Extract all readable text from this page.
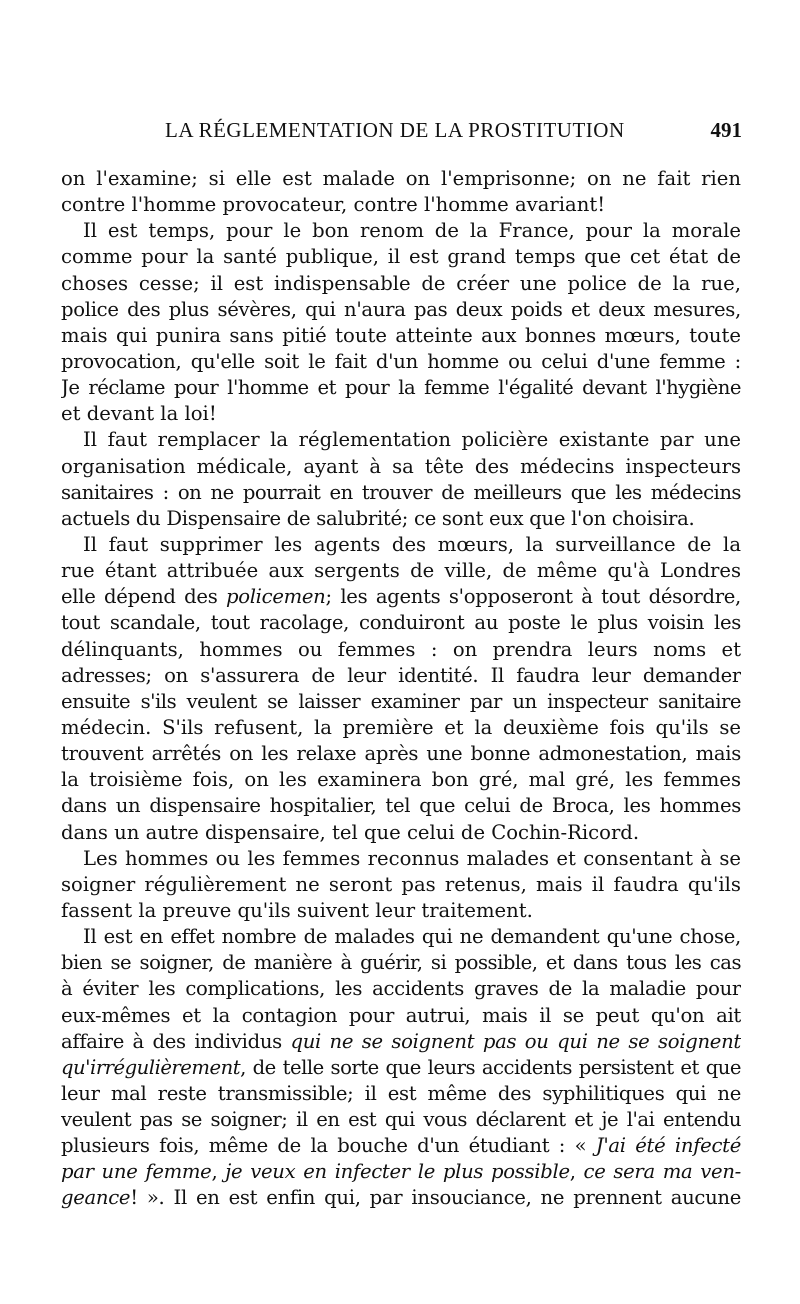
LA RÉGLEMENTATION DE LA PROSTITUTION	491
on l'examine; si elle est malade on l'emprisonne; on ne fait rien
contre l'homme provocateur, contre l'homme avariant!
Il est temps, pour le bon renom de la France, pour la morale
comme pour la santé publique, il est grand temps que cet état de
choses cesse; il est indispensable de créer une police de la rue,
police des plus sévères, qui n'aura pas deux poids et deux mesures,
mais qui punira sans pitié toute atteinte aux bonnes mœurs, toute
provocation, qu'elle soit le fait d'un homme ou celui d'une femme :
Je réclame pour l'homme et pour la femme l'égalité devant l'hygiène
et devant la loi!
Il faut remplacer la réglementation policière existante par une
organisation médicale, ayant à sa tête des médecins inspecteurs
sanitaires : on ne pourrait en trouver de meilleurs que les médecins
actuels du Dispensaire de salubrité; ce sont eux que l'on choisira.
Il faut supprimer les agents des mœurs, la surveillance de la
rue étant attribuée aux sergents de ville, de même qu'à Londres
elle dépend des policemen; les agents s'opposeront à tout désordre,
tout scandale, tout racolage, conduiront au poste le plus voisin les
délinquants, hommes ou femmes : on prendra leurs noms et
adresses; on s'assurera de leur identité. Il faudra leur demander
ensuite s'ils veulent se laisser examiner par un inspecteur sanitaire
médecin. S'ils refusent, la première et la deuxième fois qu'ils se
trouvent arrêtés on les relaxe après une bonne admonestation, mais
la troisième fois, on les examinera bon gré, mal gré, les femmes
dans un dispensaire hospitalier, tel que celui de Broca, les hommes
dans un autre dispensaire, tel que celui de Cochin-Ricord.
Les hommes ou les femmes reconnus malades et consentant à se
soigner régulièrement ne seront pas retenus, mais il faudra qu'ils
fassent la preuve qu'ils suivent leur traitement.
Il est en effet nombre de malades qui ne demandent qu'une chose,
bien se soigner, de manière à guérir, si possible, et dans tous les cas
à éviter les complications, les accidents graves de la maladie pour
eux-mêmes et la contagion pour autrui, mais il se peut qu'on ait
affaire à des individus qui ne se soignent pas ou qui ne se soignent
qu'irrégulièrement, de telle sorte que leurs accidents persistent et que
leur mal reste transmissible; il est même des syphilitiques qui ne
veulent pas se soigner; il en est qui vous déclarent et je l'ai entendu
plusieurs fois, même de la bouche d'un étudiant : « J'ai été infecté
par une femme, je veux en infecter le plus possible, ce sera ma ven-
geance! ». Il en est enfin qui, par insouciance, ne prennent aucune
